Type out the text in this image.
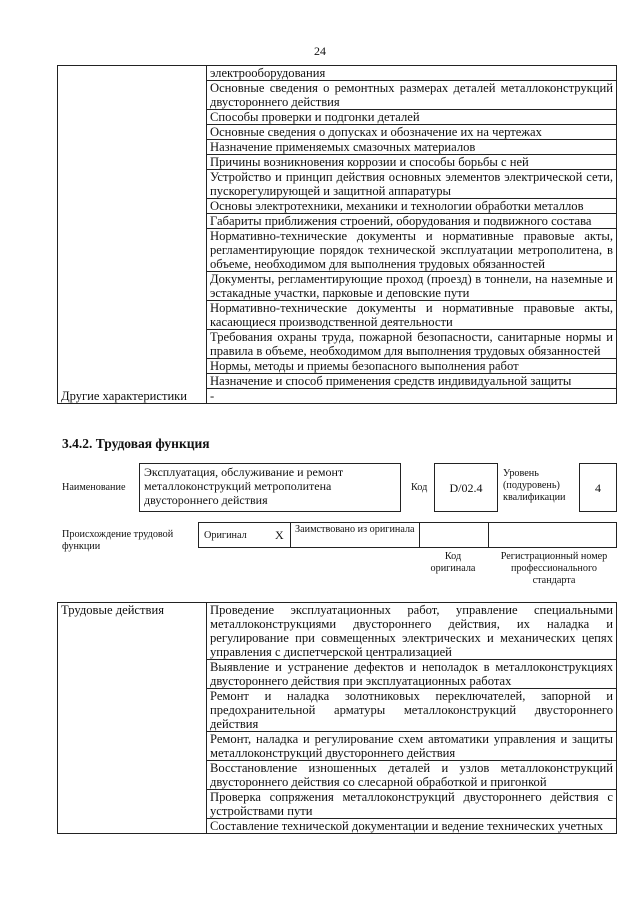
24
	электрооборудования
	Основные сведения о ремонтных размерах деталей металлоконструкций двустороннего действия
	Способы проверки и подгонки деталей
	Основные сведения о допусках и обозначение их на чертежах
	Назначение применяемых смазочных материалов
	Причины возникновения коррозии и способы борьбы с ней
	Устройство и принцип действия основных элементов электрической сети, пускорегулирующей и защитной аппаратуры
	Основы электротехники, механики и технологии обработки металлов
	Габариты приближения строений, оборудования и подвижного состава
	Нормативно-технические документы и нормативные правовые акты, регламентирующие порядок технической эксплуатации метрополитена, в объеме, необходимом для выполнения трудовых обязанностей
	Документы, регламентирующие проход (проезд) в тоннели, на наземные и эстакадные участки, парковые и деповские пути
	Нормативно-технические документы и нормативные правовые акты, касающиеся производственной деятельности
	Требования охраны труда, пожарной безопасности, санитарные нормы и правила в объеме, необходимом для выполнения трудовых обязанностей
	Нормы, методы и приемы безопасного выполнения работ
	Назначение и способ применения средств индивидуальной защиты
Другие характеристики	-
3.4.2. Трудовая функция
Наименование
Эксплуатация, обслуживание и ремонт металлоконструкций метрополитена двустороннего действия
Код D/02.4
Уровень (подуровень) квалификации
4
Происхождение трудовой функции
Оригинал X Заимствовано из оригинала
Код оригинала
Регистрационный номер профессионального стандарта
Трудовые действия	Проведение эксплуатационных работ, управление специальными металлоконструкциями двустороннего действия, их наладка и регулирование при совмещенных электрических и механических цепях управления с диспетчерской централизацией
Выявление и устранение дефектов и неполадок в металлоконструкциях двустороннего действия при эксплуатационных работах
Ремонт и наладка золотниковых переключателей, запорной и предохранительной арматуры металлоконструкций двустороннего действия
Ремонт, наладка и регулирование схем автоматики управления и защиты металлоконструкций двустороннего действия
Восстановление изношенных деталей и узлов металлоконструкций двустороннего действия со слесарной обработкой и пригонкой
Проверка сопряжения металлоконструкций двустороннего действия с устройствами пути
Составление технической документации и ведение технических учетных
